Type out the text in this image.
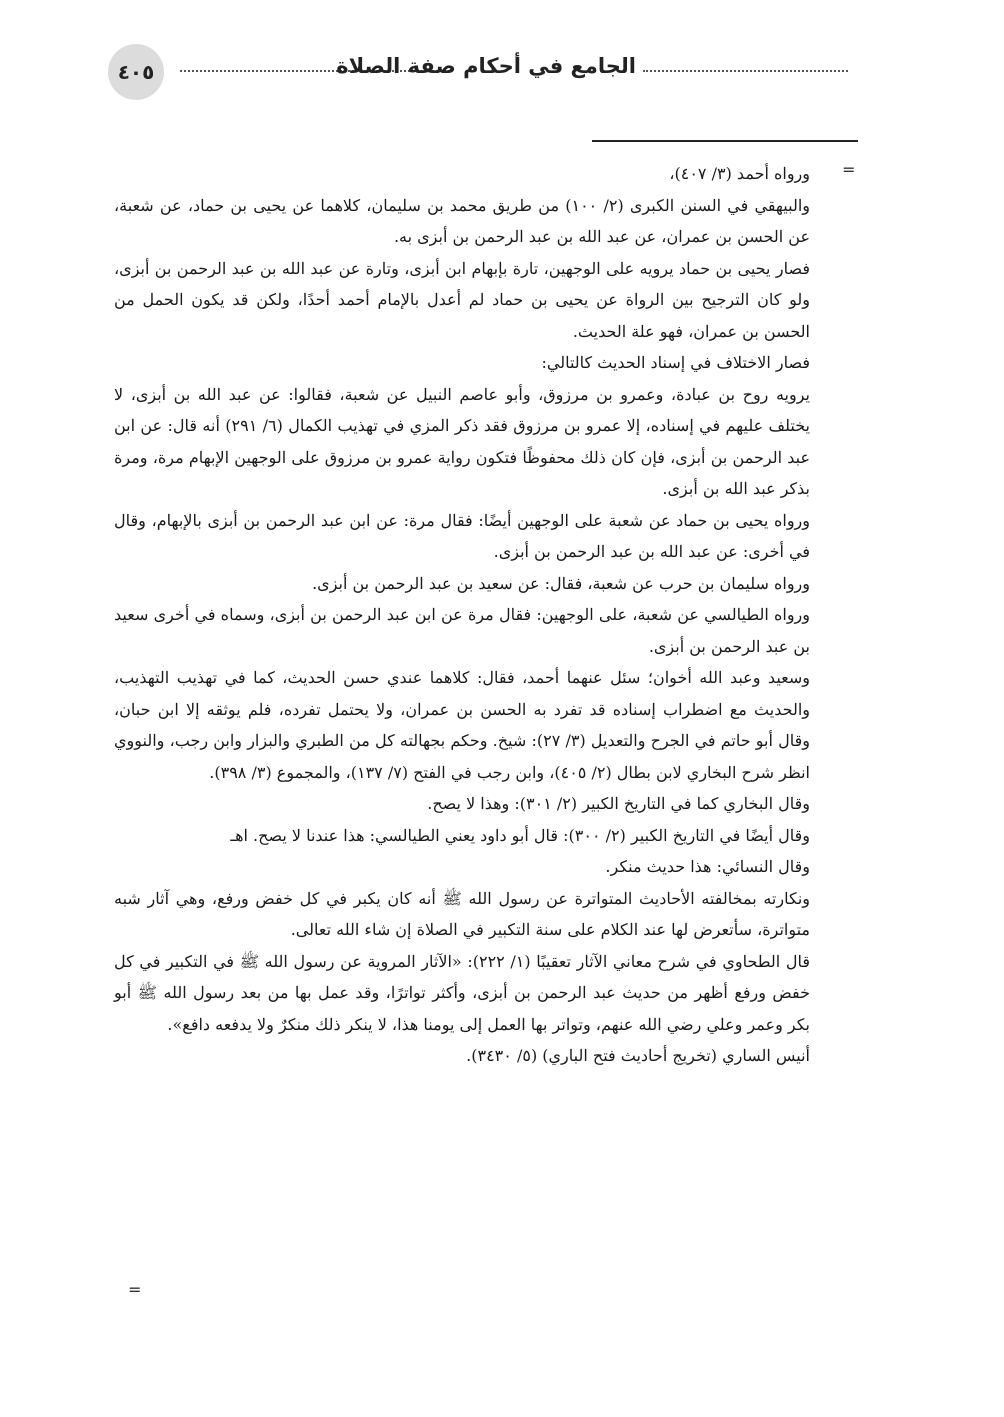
٤٠٥	الجامع في أحكام صفة الصلاة
=

ورواه أحمد (٣/ ٤٠٧)،

والبيهقي في السنن الكبرى (٢/ ١٠٠) من طريق محمد بن سليمان، كلاهما عن يحيى بن حماد، عن شعبة، عن الحسن بن عمران، عن عبد الله بن عبد الرحمن بن أبزى به.

فصار يحيى بن حماد يرويه على الوجهين، تارة بإبهام ابن أبزى، وتارة عن عبد الله بن عبد الرحمن بن أبزى، ولو كان الترجيح بين الرواة عن يحيى بن حماد لم أعدل بالإمام أحمد أحدًا، ولكن قد يكون الحمل من الحسن بن عمران، فهو علة الحديث.

فصار الاختلاف في إسناد الحديث كالتالي:

يرويه روح بن عبادة، وعمرو بن مرزوق، وأبو عاصم النبيل عن شعبة، فقالوا: عن عبد الله بن أبزى، لا يختلف عليهم في إسناده، إلا عمرو بن مرزوق فقد ذكر المزي في تهذيب الكمال (٦/ ٢٩١) أنه قال: عن ابن عبد الرحمن بن أبزى، فإن كان ذلك محفوظًا فتكون رواية عمرو بن مرزوق على الوجهين الإبهام مرة، ومرة بذكر عبد الله بن أبزى.

ورواه يحيى بن حماد عن شعبة على الوجهين أيضًا: فقال مرة: عن ابن عبد الرحمن بن أبزى بالإبهام، وقال في أخرى: عن عبد الله بن عبد الرحمن بن أبزى.

ورواه سليمان بن حرب عن شعبة، فقال: عن سعيد بن عبد الرحمن بن أبزى.

ورواه الطيالسي عن شعبة، على الوجهين: فقال مرة عن ابن عبد الرحمن بن أبزى، وسماه في أخرى سعيد بن عبد الرحمن بن أبزى.

وسعيد وعبد الله أخوان؛ سئل عنهما أحمد، فقال: كلاهما عندي حسن الحديث، كما في تهذيب التهذيب، والحديث مع اضطراب إسناده قد تفرد به الحسن بن عمران، ولا يحتمل تفرده، فلم يوثقه إلا ابن حبان، وقال أبو حاتم في الجرح والتعديل (٣/ ٢٧): شيخ. وحكم بجهالته كل من الطبري والبزار وابن رجب، والنووي انظر شرح البخاري لابن بطال (٢/ ٤٠٥)، وابن رجب في الفتح (٧/ ١٣٧)، والمجموع (٣/ ٣٩٨).

وقال البخاري كما في التاريخ الكبير (٢/ ٣٠١): وهذا لا يصح.

وقال أيضًا في التاريخ الكبير (٢/ ٣٠٠): قال أبو داود يعني الطيالسي: هذا عندنا لا يصح. اهـ

وقال النسائي: هذا حديث منكر.

ونكارته بمخالفته الأحاديث المتواترة عن رسول الله ﷺ أنه كان يكبر في كل خفض ورفع، وهي آثار شبه متواترة، سأتعرض لها عند الكلام على سنة التكبير في الصلاة إن شاء الله تعالى.

قال الطحاوي في شرح معاني الآثار تعقيبًا (١/ ٢٢٢): «الآثار المروية عن رسول الله ﷺ في التكبير في كل خفض ورفع أظهر من حديث عبد الرحمن بن أبزى، وأكثر تواترًا، وقد عمل بها من بعد رسول الله ﷺ أبو بكر وعمر وعلي رضي الله عنهم، وتواتر بها العمل إلى يومنا هذا، لا ينكر ذلك منكرٌ ولا يدفعه دافع».

أنيس الساري (تخريج أحاديث فتح الباري) (٥/ ٣٤٣٠).

=
